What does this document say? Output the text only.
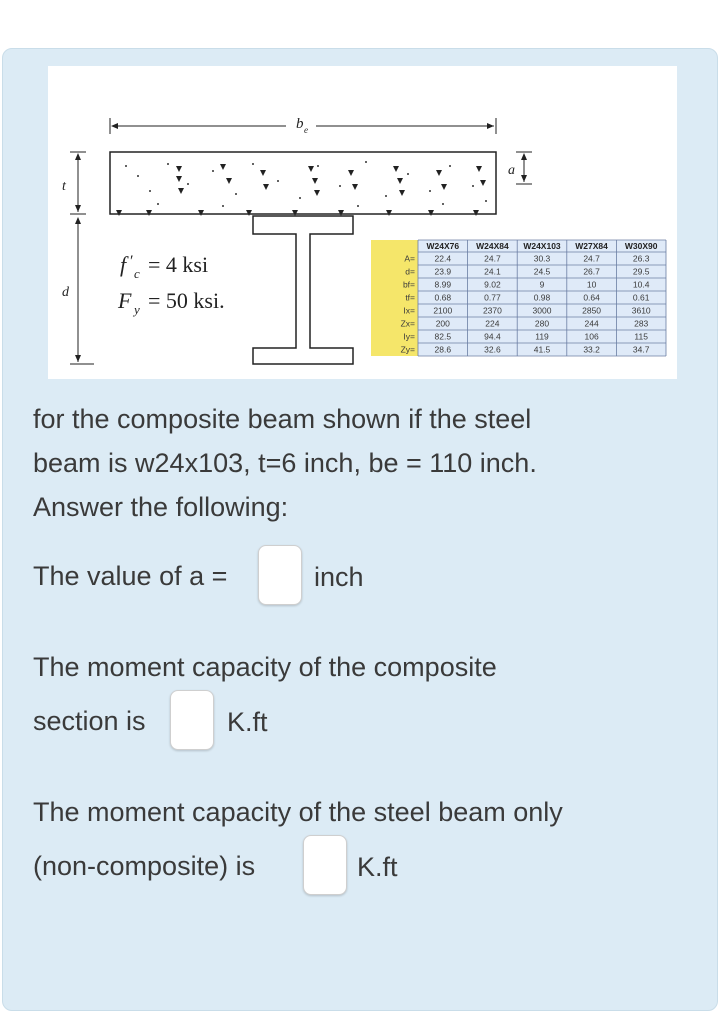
b e
a
t
d
f ′
c = 4 ksi
F y = 50 ksi.
W24X76 W24X84 W24X103 W27X84 W30X90
A= 22.4	24.7	30.3	24.7	26.3
d= 23.9	24.1	24.5	26.7	29.5
bf= 8.99	9.02	9	10	10.4
tf= 0.68	0.77	0.98	0.64	0.61
Ix= 2100	2370	3000	2850	3610
Zx= 200	224	280	244	283
Iy= 82.5	94.4	119	106	115
Zy= 28.6	32.6	41.5	33.2	34.7
for the composite beam shown if the steel
beam is w24x103, t=6 inch, be = 110 inch.
Answer the following:
The value of a =	inch
The moment capacity of the composite
section is	K.ft
The moment capacity of the steel beam only
(non-composite) is	K.ft
